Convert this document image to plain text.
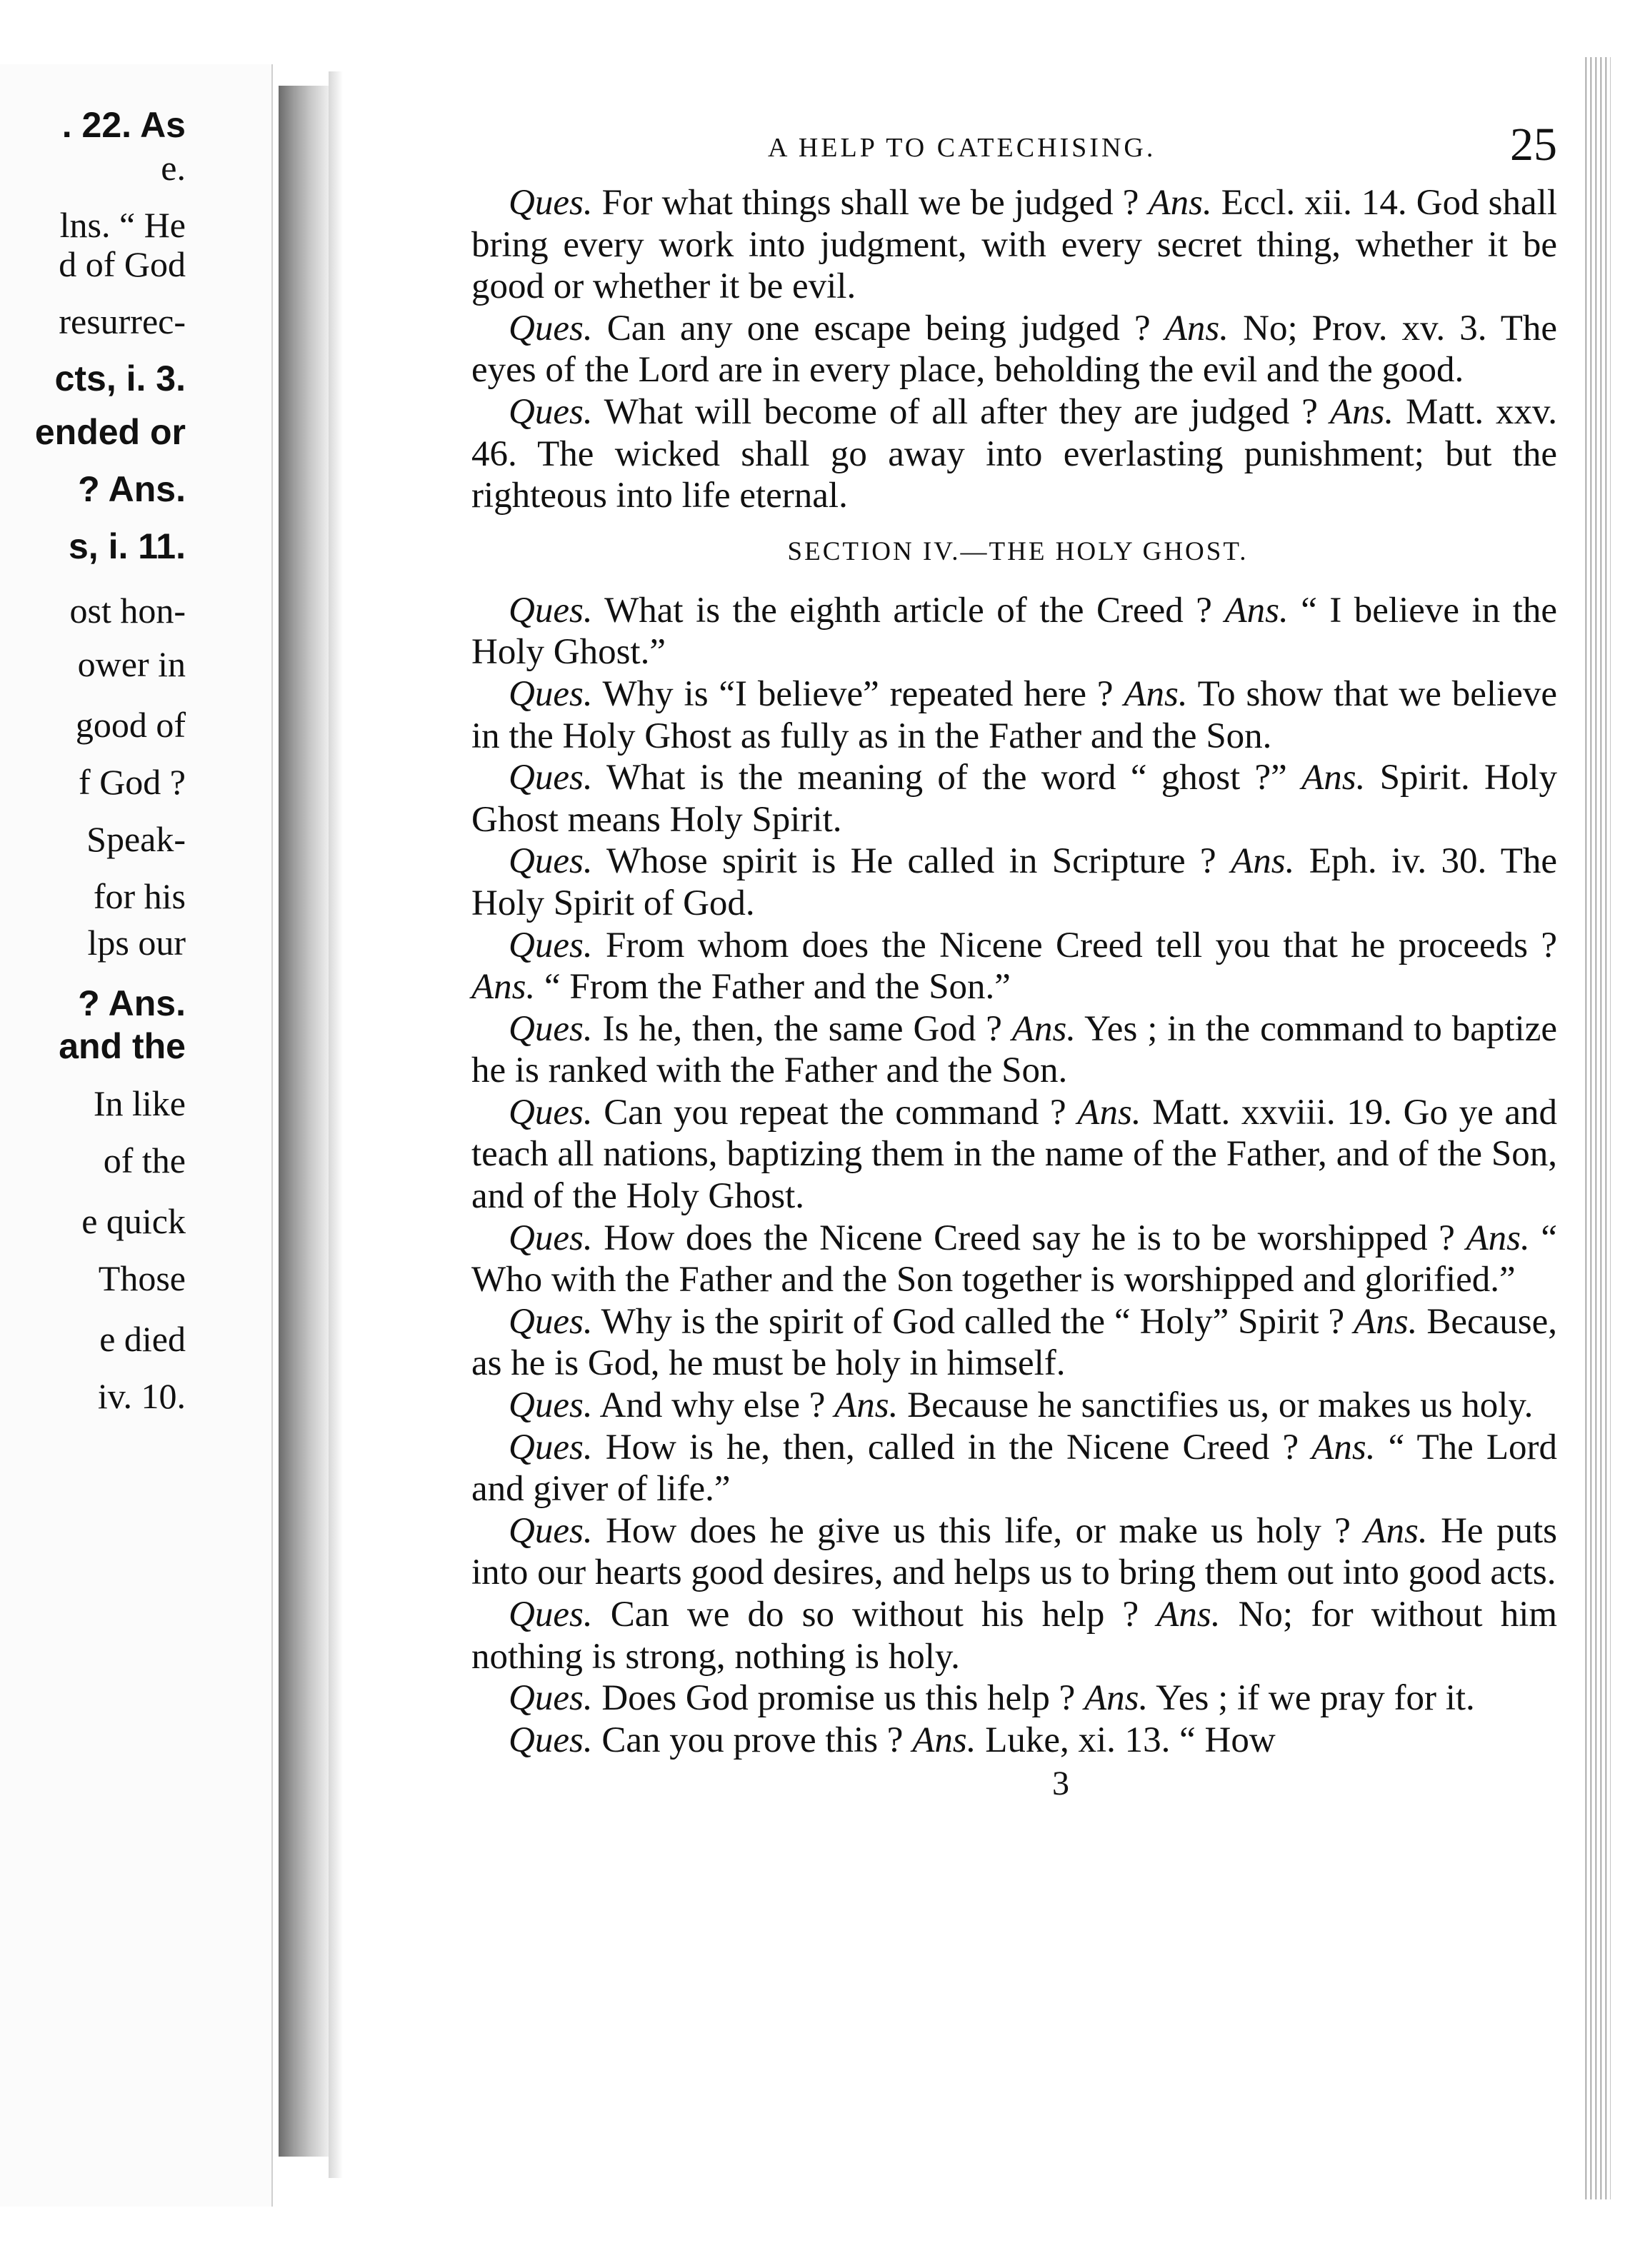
. 22. As
e.
lns. “ He
d of God
resurrec-
cts, i. 3.
ended or
? Ans.
s, i. 11.
ost hon-
ower in
good of
f God ?
Speak-
for his
lps our
? Ans.
and the
In like
of the
e quick
Those
e died
iv. 10.
A HELP TO CATECHISING.	25

Ques. For what things shall we be judged ? Ans. Eccl. xii. 14. God shall bring every work into judgment, with every secret thing, whether it be good or whether it be evil.

Ques. Can any one escape being judged ? Ans. No; Prov. xv. 3. The eyes of the Lord are in every place, beholding the evil and the good.

Ques. What will become of all after they are judged ? Ans. Matt. xxv. 46. The wicked shall go away into everlasting punishment; but the righteous into life eternal.

SECTION IV.—THE HOLY GHOST.

Ques. What is the eighth article of the Creed ? Ans. “ I believe in the Holy Ghost.”

Ques. Why is “I believe” repeated here ? Ans. To show that we believe in the Holy Ghost as fully as in the Father and the Son.

Ques. What is the meaning of the word “ ghost ?” Ans. Spirit. Holy Ghost means Holy Spirit.

Ques. Whose spirit is He called in Scripture ? Ans. Eph. iv. 30. The Holy Spirit of God.

Ques. From whom does the Nicene Creed tell you that he proceeds ? Ans. “ From the Father and the Son.”

Ques. Is he, then, the same God ? Ans. Yes ; in the command to baptize he is ranked with the Father and the Son.

Ques. Can you repeat the command ? Ans. Matt. xxviii. 19. Go ye and teach all nations, baptizing them in the name of the Father, and of the Son, and of the Holy Ghost.

Ques. How does the Nicene Creed say he is to be worshipped ? Ans. “ Who with the Father and the Son together is worshipped and glorified.”

Ques. Why is the spirit of God called the “ Holy” Spirit ? Ans. Because, as he is God, he must be holy in himself.

Ques. And why else ? Ans. Because he sanctifies us, or makes us holy.

Ques. How is he, then, called in the Nicene Creed ? Ans. “ The Lord and giver of life.”

Ques. How does he give us this life, or make us holy ? Ans. He puts into our hearts good desires, and helps us to bring them out into good acts.

Ques. Can we do so without his help ? Ans. No; for without him nothing is strong, nothing is holy.

Ques. Does God promise us this help ? Ans. Yes ; if we pray for it.

Ques. Can you prove this ? Ans. Luke, xi. 13. “ How

3
